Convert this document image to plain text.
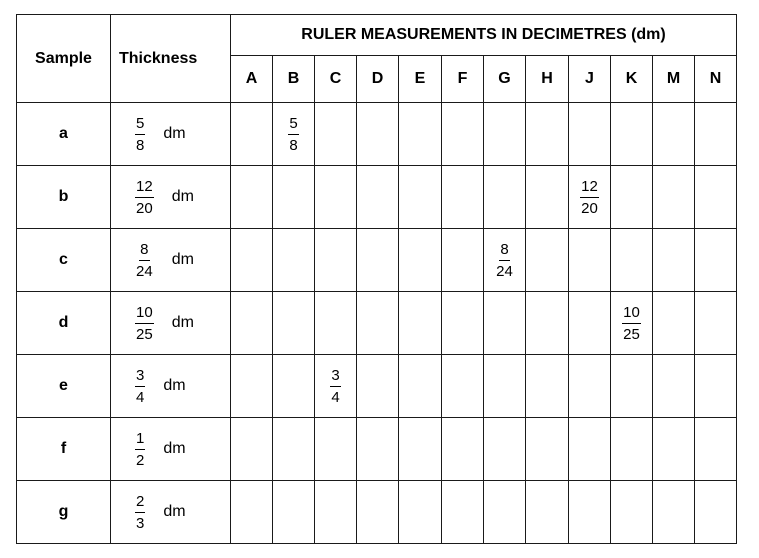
Sample	Thickness	RULER MEASUREMENTS IN DECIMETRES (dm)											
		A	B	C	D	E	F	G	H	J	K	M	N
a	$\frac{5}{8}$ dm		$\frac{5}{8}$

b	$\frac{12}{20}$ dm									$\frac{12}{20}$

c	$\frac{8}{24}$ dm							$\frac{8}{24}$

d	$\frac{10}{25}$ dm										$\frac{10}{25}$

e	$\frac{3}{4}$ dm			$\frac{3}{4}$

f	$\frac{1}{2}$ dm												
g	$\frac{2}{3}$ dm												
